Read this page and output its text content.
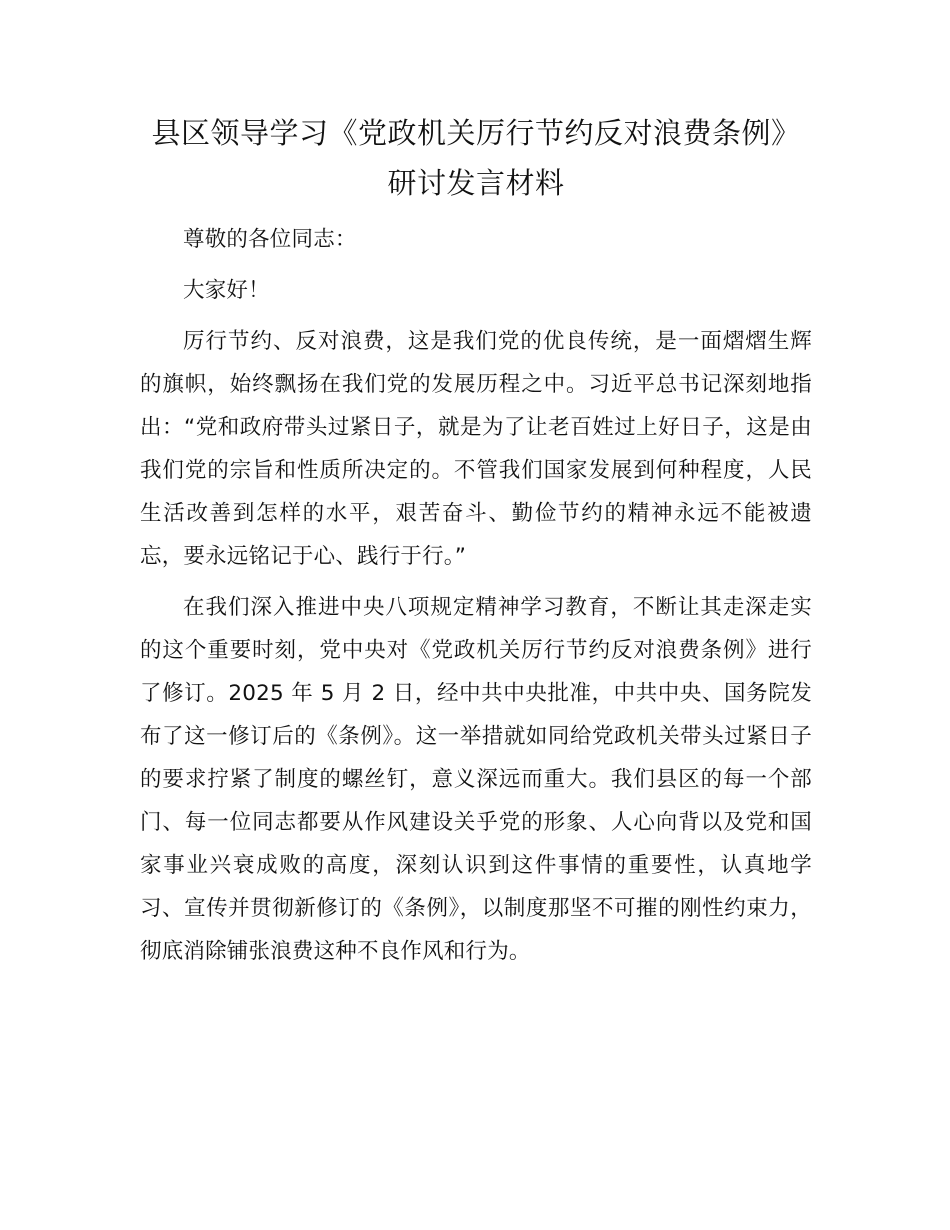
县区领导学习《党政机关厉行节约反对浪费条例》研讨发言材料

尊敬的各位同志：

大家好！

厉行节约、反对浪费，这是我们党的优良传统，是一面熠熠生辉的旗帜，始终飘扬在我们党的发展历程之中。习近平总书记深刻地指出：“党和政府带头过紧日子，就是为了让老百姓过上好日子，这是由我们党的宗旨和性质所决定的。不管我们国家发展到何种程度，人民生活改善到怎样的水平，艰苦奋斗、勤俭节约的精神永远不能被遗忘，要永远铭记于心、践行于行。”

在我们深入推进中央八项规定精神学习教育，不断让其走深走实的这个重要时刻，党中央对《党政机关厉行节约反对浪费条例》进行了修订。2025 年 5 月 2 日，经中共中央批准，中共中央、国务院发布了这一修订后的《条例》。这一举措就如同给党政机关带头过紧日子的要求拧紧了制度的螺丝钉，意义深远而重大。我们县区的每一个部门、每一位同志都要从作风建设关乎党的形象、人心向背以及党和国家事业兴衰成败的高度，深刻认识到这件事情的重要性，认真地学习、宣传并贯彻新修订的《条例》，以制度那坚不可摧的刚性约束力，彻底消除铺张浪费这种不良作风和行为。
